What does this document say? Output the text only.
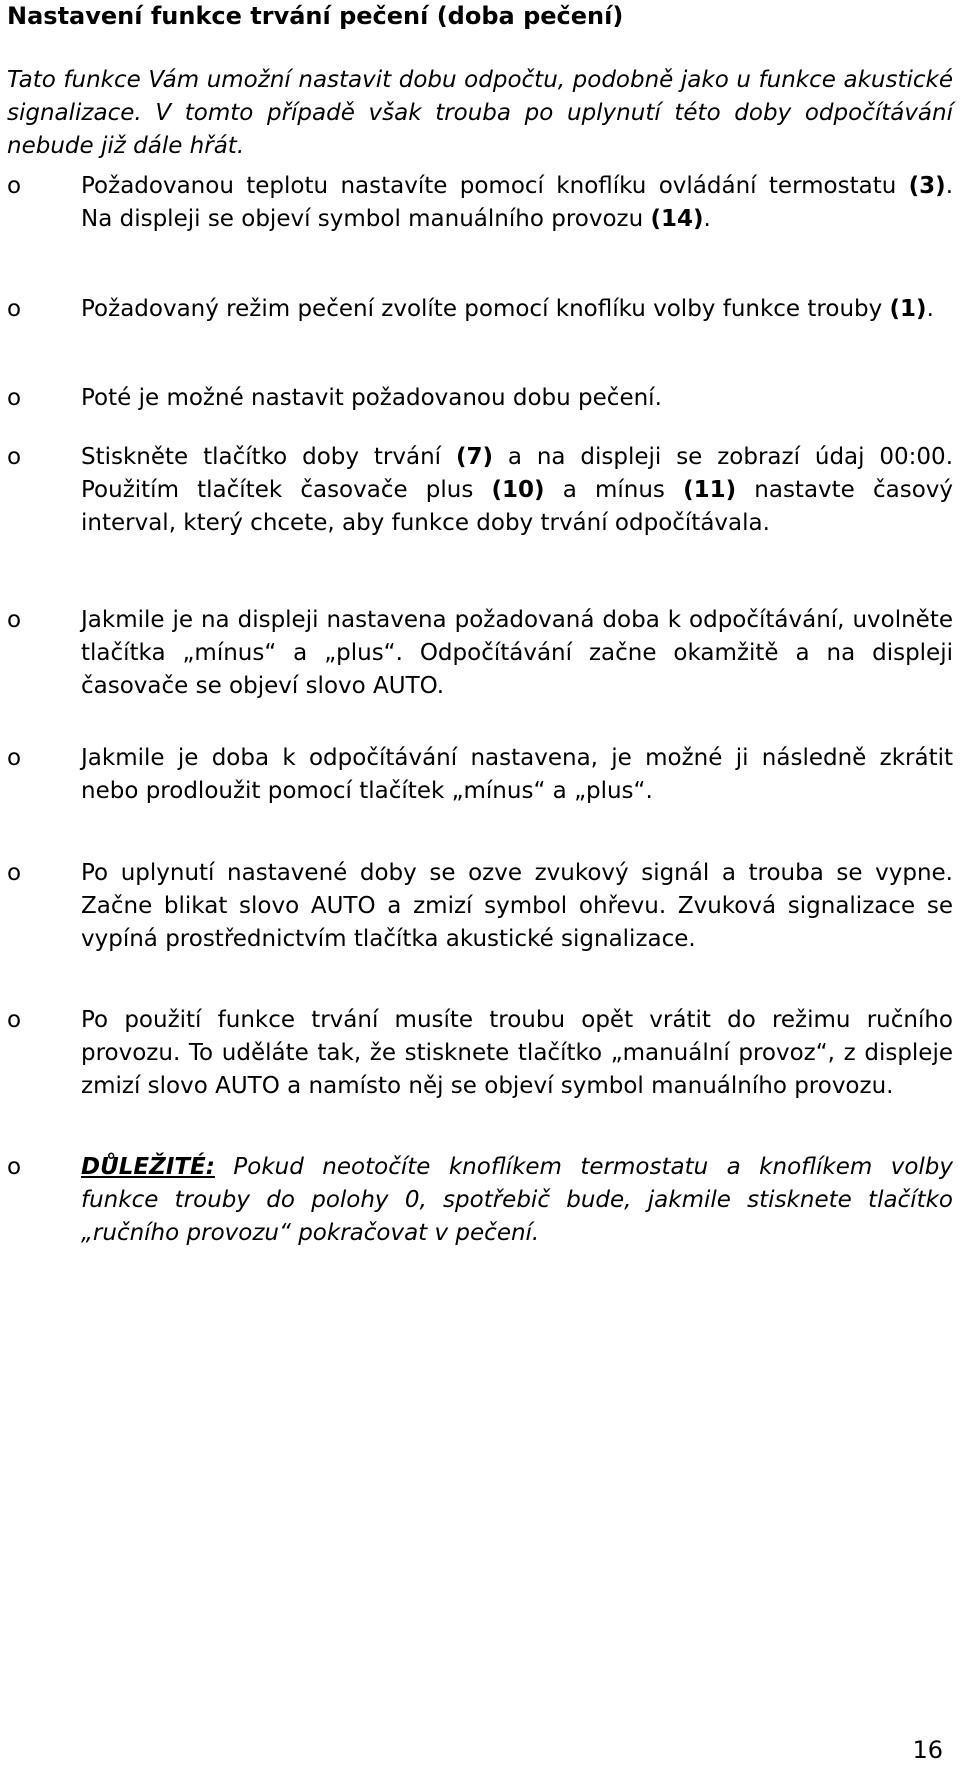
Nastavení funkce trvání pečení (doba pečení)

Tato funkce Vám umožní nastavit dobu odpočtu, podobně jako u funkce akustické signalizace. V tomto případě však trouba po uplynutí této doby odpočítávání nebude již dále hřát.

o	Požadovanou teplotu nastavíte pomocí knoflíku ovládání termostatu (3). Na displeji se objeví symbol manuálního provozu (14).

o	Požadovaný režim pečení zvolíte pomocí knoflíku volby funkce trouby (1).

o	Poté je možné nastavit požadovanou dobu pečení.

o	Stiskněte tlačítko doby trvání (7) a na displeji se zobrazí údaj 00:00. Použitím tlačítek časovače plus (10) a mínus (11) nastavte časový interval, který chcete, aby funkce doby trvání odpočítávala.

o	Jakmile je na displeji nastavena požadovaná doba k odpočítávání, uvolněte tlačítka „mínus“ a „plus“. Odpočítávání začne okamžitě a na displeji časovače se objeví slovo AUTO.

o	Jakmile je doba k odpočítávání nastavena, je možné ji následně zkrátit nebo prodloužit pomocí tlačítek „mínus“ a „plus“.

o	Po uplynutí nastavené doby se ozve zvukový signál a trouba se vypne. Začne blikat slovo AUTO a zmizí symbol ohřevu. Zvuková signalizace se vypíná prostřednictvím tlačítka akustické signalizace.

o	Po použití funkce trvání musíte troubu opět vrátit do režimu ručního provozu. To uděláte tak, že stisknete tlačítko „manuální provoz“, z displeje zmizí slovo AUTO a namísto něj se objeví symbol manuálního provozu.

o	DŮLEŽITÉ: Pokud neotočíte knoflíkem termostatu a knoflíkem volby funkce trouby do polohy 0, spotřebič bude, jakmile stisknete tlačítko „ručního provozu“ pokračovat v pečení.

16
